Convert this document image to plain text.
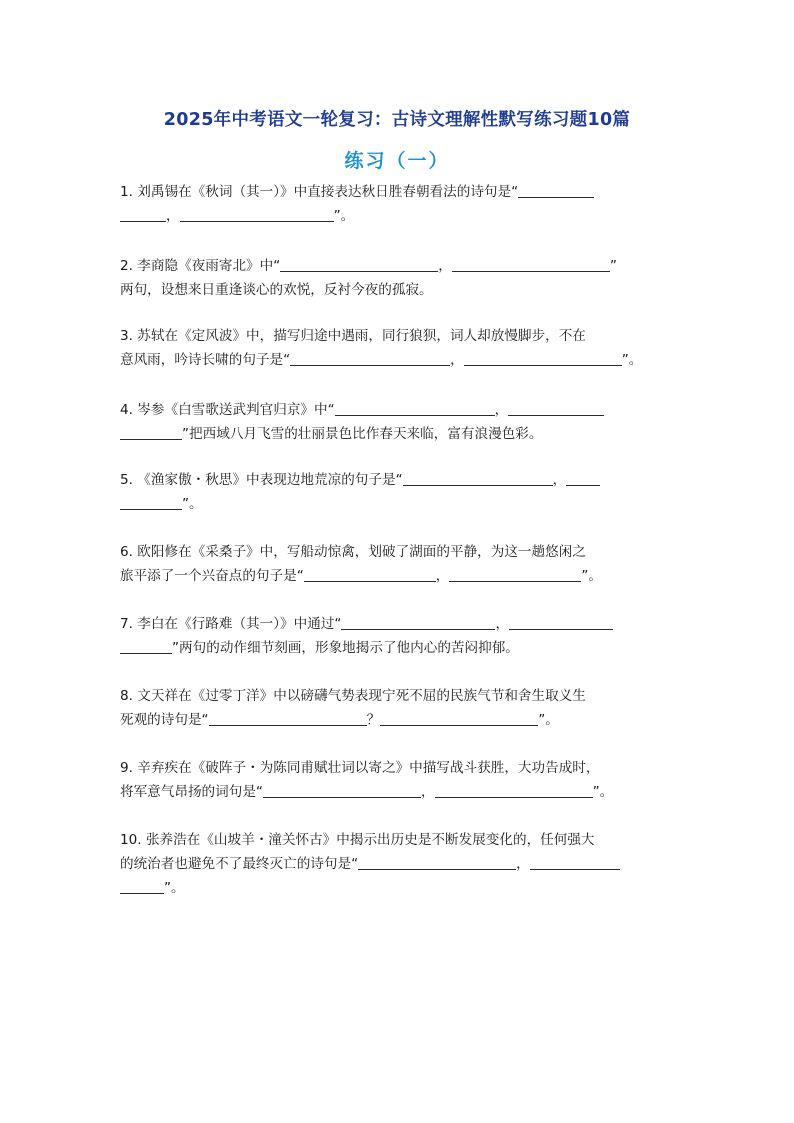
2025年中考语文一轮复习：古诗文理解性默写练习题10篇
练习（一）
1. 刘禹锡在《秋词（其一）》中直接表达秋日胜春朝看法的诗句是“
，	”。
2. 李商隐《夜雨寄北》中“	，	”
两句，设想来日重逢谈心的欢悦，反衬今夜的孤寂。
3. 苏轼在《定风波》中，描写归途中遇雨，同行狼狈，词人却放慢脚步，不在
意风雨，吟诗长啸的句子是“	，	”。
4. 岑参《白雪歌送武判官归京》中“	，
”把西域八月飞雪的壮丽景色比作春天来临，富有浪漫色彩。
5. 《渔家傲・秋思》中表现边地荒凉的句子是“	，
”。
6. 欧阳修在《采桑子》中，写船动惊禽，划破了湖面的平静，为这一趟悠闲之
旅平添了一个兴奋点的句子是“	，	”。
7. 李白在《行路难（其一）》中通过“	，
”两句的动作细节刻画，形象地揭示了他内心的苦闷抑郁。
8. 文天祥在《过零丁洋》中以磅礴气势表现宁死不屈的民族气节和舍生取义生
死观的诗句是“	？	”。
9. 辛弃疾在《破阵子・为陈同甫赋壮词以寄之》中描写战斗获胜，大功告成时，
将军意气昂扬的词句是“	，	”。
10. 张养浩在《山坡羊・潼关怀古》中揭示出历史是不断发展变化的，任何强大
的统治者也避免不了最终灭亡的诗句是“	，
”。
